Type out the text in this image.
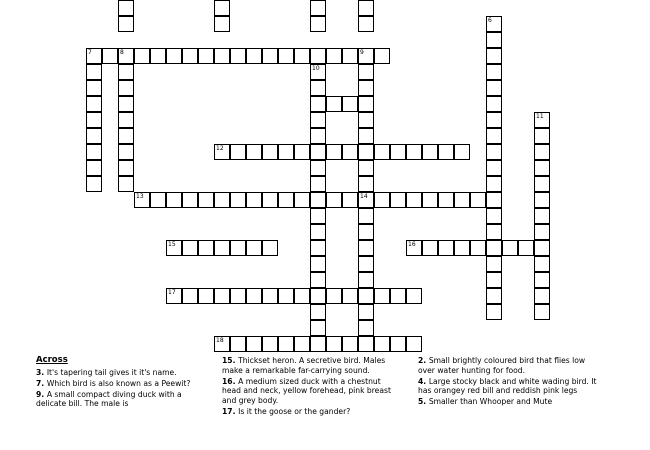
6
7	8	9
10
11
12
13	14
15	16
17
18
Across
3. It's tapering tail gives it it's name.
7. Which bird is also known as a Peewit?
9. A small compact diving duck with a delicate bill. The male is
15. Thickset heron. A secretive bird. Males make a remarkable far-carrying sound.
16. A medium sized duck with a chestnut head and neck, yellow forehead, pink breast and grey body.
17. Is it the goose or the gander?
2. Small brightly coloured bird that flies low over water hunting for food.
4. Large stocky black and white wading bird. It has orangey red bill and reddish pink legs
5. Smaller than Whooper and Mute
